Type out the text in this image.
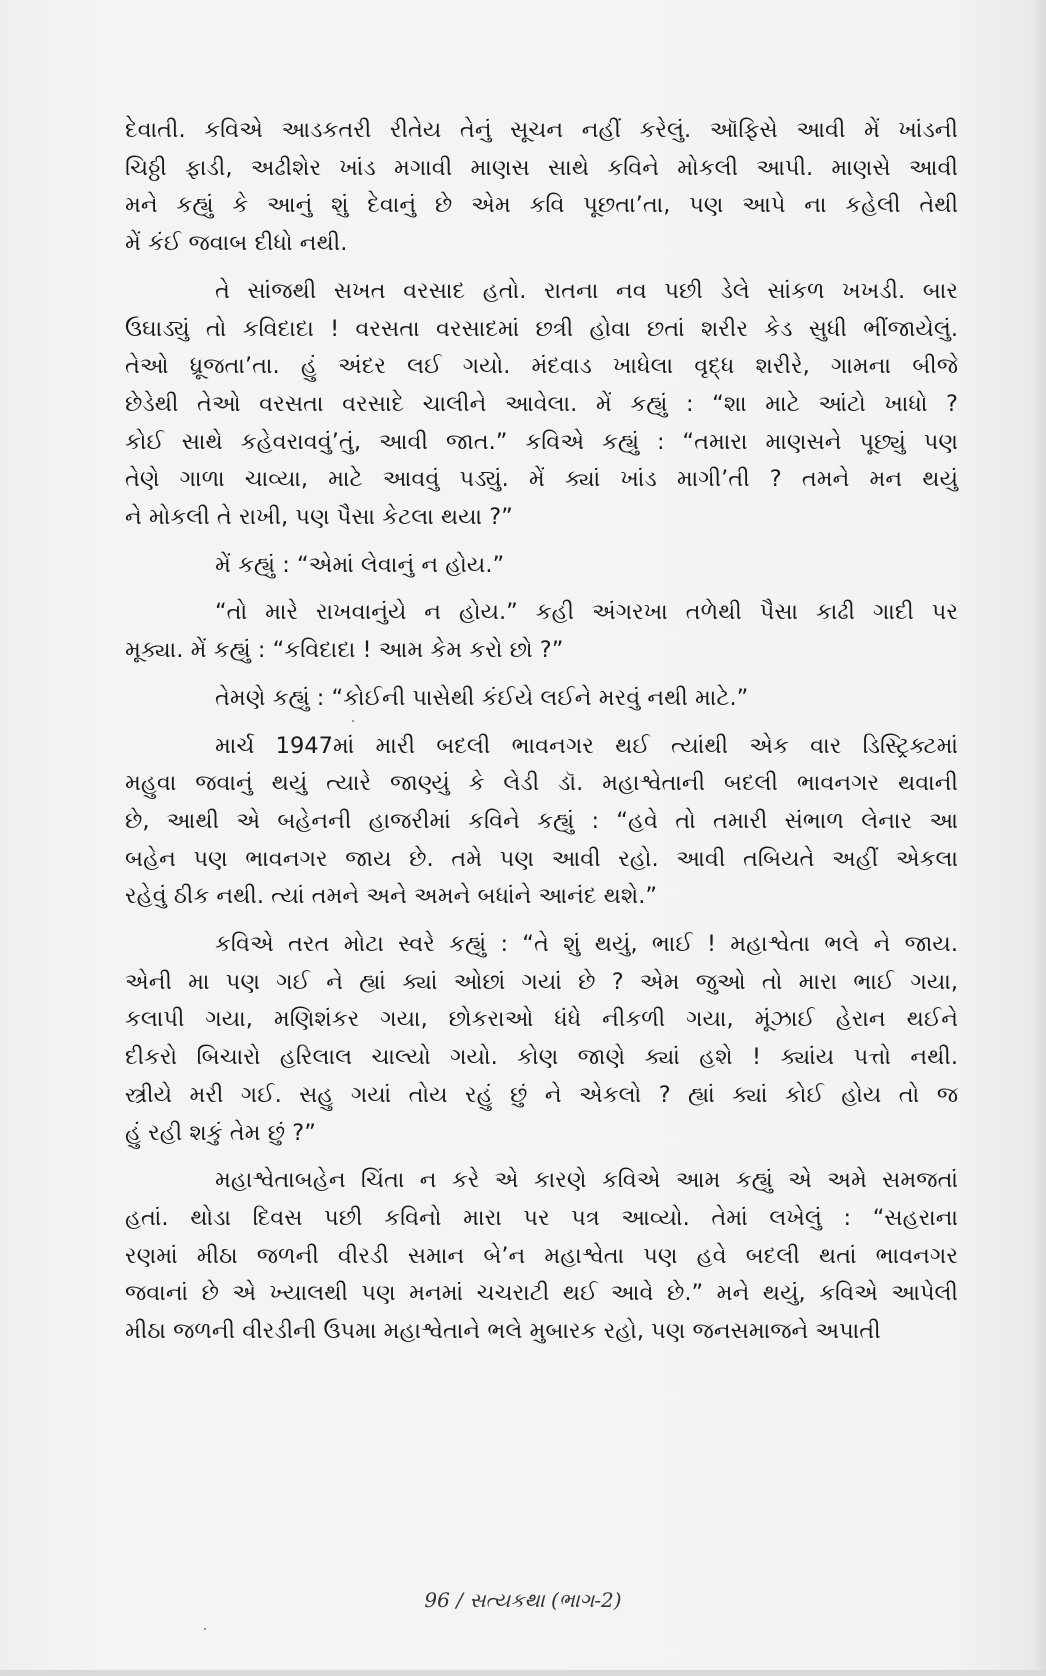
દેવાતી. કવિએ આડકતરી રીતેય તેનું સૂચન નહીં કરેલું. ઑફિસે આવી મેં ખાંડની
ચિઠ્ઠી ફાડી, અઢીશેર ખાંડ મગાવી માણસ સાથે કવિને મોકલી આપી. માણસે આવી
મને કહ્યું કે આનું શું દેવાનું છે એમ કવિ પૂછતા’તા, પણ આપે ના કહેલી તેથી
મેં કંઈ જવાબ દીધો નથી.
તે સાંજથી સખત વરસાદ હતો. રાતના નવ પછી ડેલે સાંકળ ખખડી. બાર
ઉઘાડ્યું તો કવિદાદા ! વરસતા વરસાદમાં છત્રી હોવા છતાં શરીર કેડ સુધી ભીંજાયેલું.
તેઓ ધ્રૂજતા’તા. હું અંદર લઈ ગયો. મંદવાડ ખાધેલા વૃદ્ધ શરીરે, ગામના બીજે
છેડેથી તેઓ વરસતા વરસાદે ચાલીને આવેલા. મેં કહ્યું : “શા માટે આંટો ખાધો ?
કોઈ સાથે કહેવરાવવું’તું, આવી જાત.” કવિએ કહ્યું : “તમારા માણસને પૂછ્યું પણ
તેણે ગાળા ચાવ્યા, માટે આવવું પડ્યું. મેં ક્યાં ખાંડ માગી’તી ? તમને મન થયું
ને મોકલી તે રાખી, પણ પૈસા કેટલા થયા ?”
મેં કહ્યું : “એમાં લેવાનું ન હોય.”
“તો મારે રાખવાનુંયે ન હોય.” કહી અંગરખા તળેથી પૈસા કાઢી ગાદી પર
મૂક્યા. મેં કહ્યું : “કવિદાદા ! આમ કેમ કરો છો ?”
તેમણે કહ્યું : “કોઈની પાસેથી કંઈયે લઈને મરવું નથી માટે.”
માર્ચ 1947માં મારી બદલી ભાવનગર થઈ ત્યાંથી એક વાર ડિસ્ટ્રિક્ટમાં
મહુવા જવાનું થયું ત્યારે જાણ્યું કે લેડી ડૉ. મહાશ્વેતાની બદલી ભાવનગર થવાની
છે, આથી એ બહેનની હાજરીમાં કવિને કહ્યું : “હવે તો તમારી સંભાળ લેનાર આ
બહેન પણ ભાવનગર જાય છે. તમે પણ આવી રહો. આવી તબિયતે અહીં એકલા
રહેવું ઠીક નથી. ત્યાં તમને અને અમને બધાંને આનંદ થશે.”
કવિએ તરત મોટા સ્વરે કહ્યું : “તે શું થયું, ભાઈ ! મહાશ્વેતા ભલે ને જાય.
એની મા પણ ગઈ ને હ્યાં ક્યાં ઓછાં ગયાં છે ? એમ જુઓ તો મારા ભાઈ ગયા,
કલાપી ગયા, મણિશંકર ગયા, છોકરાઓ ધંધે નીકળી ગયા, મૂંઝાઈ હેરાન થઈને
દીકરો બિચારો હરિલાલ ચાલ્યો ગયો. કોણ જાણે ક્યાં હશે ! ક્યાંય પત્તો નથી.
સ્ત્રીયે મરી ગઈ. સહુ ગયાં તોય રહું છું ને એકલો ? હ્યાં ક્યાં કોઈ હોય તો જ
હું રહી શકું તેમ છું ?”
મહાશ્વેતાબહેન ચિંતા ન કરે એ કારણે કવિએ આમ કહ્યું એ અમે સમજતાં
હતાં. થોડા દિવસ પછી કવિનો મારા પર પત્ર આવ્યો. તેમાં લખેલું : “સહરાના
રણમાં મીઠા જળની વીરડી સમાન બે’ન મહાશ્વેતા પણ હવે બદલી થતાં ભાવનગર
જવાનાં છે એ ખ્યાલથી પણ મનમાં ચચરાટી થઈ આવે છે.” મને થયું, કવિએ આપેલી
મીઠા જળની વીરડીની ઉપમા મહાશ્વેતાને ભલે મુબારક રહો, પણ જનસમાજને અપાતી
96 / સત્યકથા (ભાગ-2)
